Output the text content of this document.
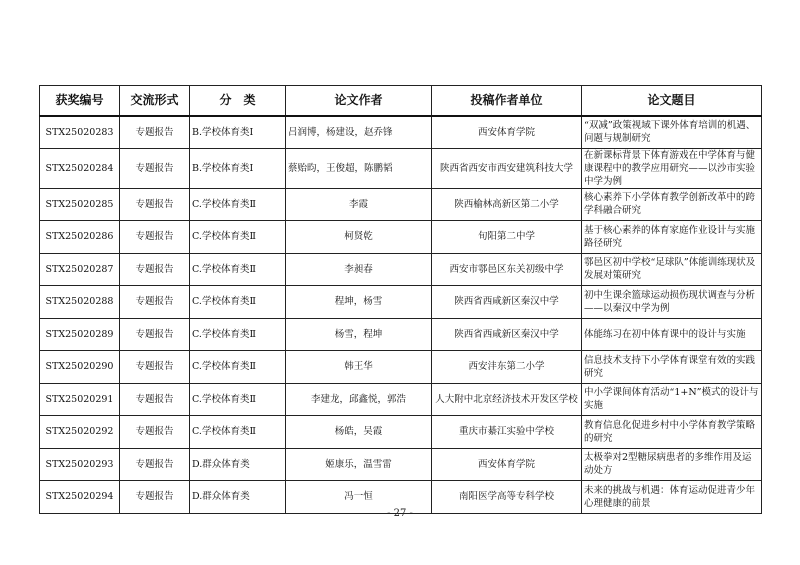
获奖编号	交流形式	分　类	论文作者	投稿作者单位	论文题目
STX25020283	专题报告	B.学校体育类Ⅰ	吕润博，杨建设，赵乔锋	西安体育学院	“双减”政策视域下课外体育培训的机遇、问题与规制研究
STX25020284	专题报告	B.学校体育类Ⅰ	蔡贻昀，王俊超，陈鹏韬	陕西省西安市西安建筑科技大学	在新课标背景下体育游戏在中学体育与健康课程中的教学应用研究——以沙市实验中学为例
STX25020285	专题报告	C.学校体育类Ⅱ	李霞	陕西榆林高新区第二小学	核心素养下小学体育教学创新改革中的跨学科融合研究
STX25020286	专题报告	C.学校体育类Ⅱ	柯贤乾	旬阳第二中学	基于核心素养的体育家庭作业设计与实施路径研究
STX25020287	专题报告	C.学校体育类Ⅱ	李昶春	西安市鄠邑区东关初级中学	鄠邑区初中学校“足球队”体能训练现状及发展对策研究
STX25020288	专题报告	C.学校体育类Ⅱ	程坤，杨雪	陕西省西咸新区秦汉中学	初中生课余篮球运动损伤现状调查与分析——以秦汉中学为例
STX25020289	专题报告	C.学校体育类Ⅱ	杨雪，程坤	陕西省西咸新区秦汉中学	体能练习在初中体育课中的设计与实施
STX25020290	专题报告	C.学校体育类Ⅱ	韩王华	西安沣东第二小学	信息技术支持下小学体育课堂有效的实践研究
STX25020291	专题报告	C.学校体育类Ⅱ	李建龙，邱鑫悦，郭浩	人大附中北京经济技术开发区学校	中小学课间体育活动“1+N”模式的设计与实施
STX25020292	专题报告	C.学校体育类Ⅱ	杨皓，吴霞	重庆市綦江实验中学校	教育信息化促进乡村中小学体育教学策略的研究
STX25020293	专题报告	D.群众体育类	姬康乐，温雪雷	西安体育学院	太极拳对2型糖尿病患者的多维作用及运动处方
STX25020294	专题报告	D.群众体育类	冯一恒	南阳医学高等专科学校	未来的挑战与机遇：体育运动促进青少年心理健康的前景
- 27 -
